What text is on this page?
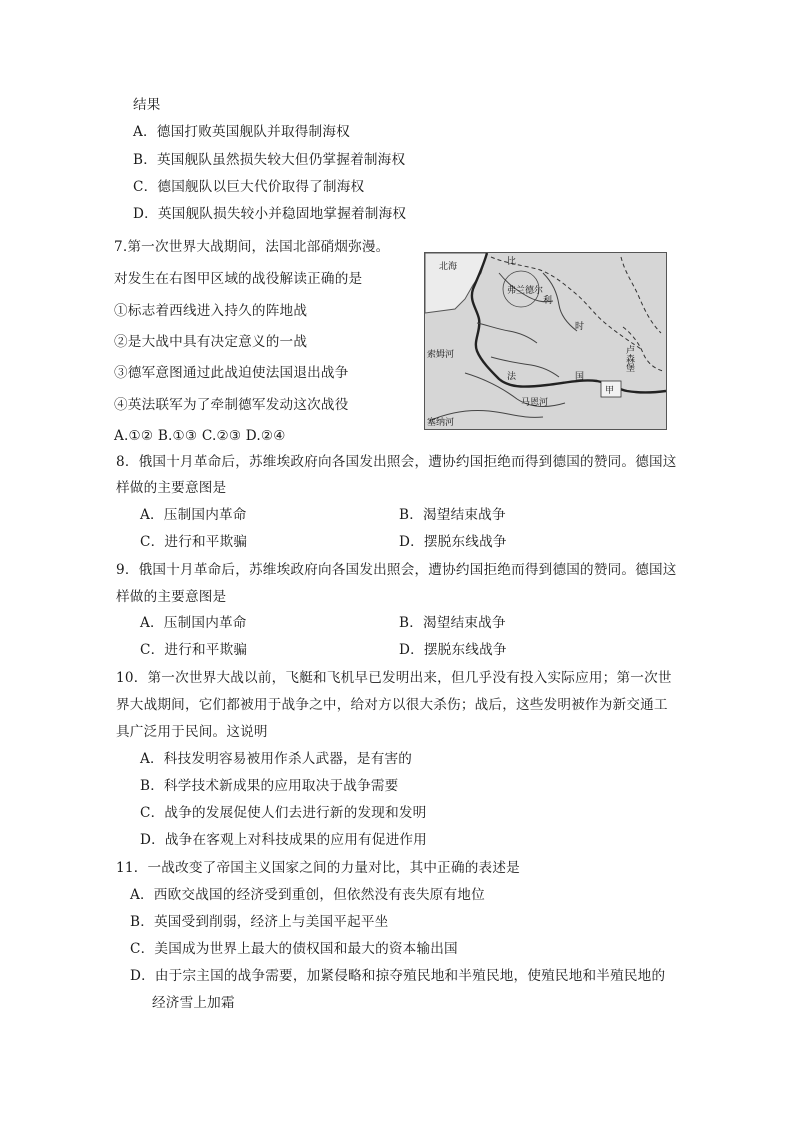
结果
A．德国打败英国舰队并取得制海权
B．英国舰队虽然损失较大但仍掌握着制海权
C．德国舰队以巨大代价取得了制海权
D．英国舰队损失较小并稳固地掌握着制海权
7.第一次世界大战期间，法国北部硝烟弥漫。
对发生在右图甲区域的战役解读正确的是
①标志着西线进入持久的阵地战
②是大战中具有决定意义的一战
③德军意图通过此战迫使法国退出战争
④英法联军为了牵制德军发动这次战役
A.①② B.①③ C.②③ D.②④
北海
弗兰德尔
比
利
时
索姆河
法	国
马恩河
塞纳河
卢森堡
甲
8．俄国十月革命后，苏维埃政府向各国发出照会，遭协约国拒绝而得到德国的赞同。德国这
样做的主要意图是
A．压制国内革命	B．渴望结束战争
C．进行和平欺骗	D．摆脱东线战争
9．俄国十月革命后，苏维埃政府向各国发出照会，遭协约国拒绝而得到德国的赞同。德国这
样做的主要意图是
A．压制国内革命	B．渴望结束战争
C．进行和平欺骗	D．摆脱东线战争
10．第一次世界大战以前，飞艇和飞机早已发明出来，但几乎没有投入实际应用；第一次世
界大战期间，它们都被用于战争之中，给对方以很大杀伤；战后，这些发明被作为新交通工
具广泛用于民间。这说明
A．科技发明容易被用作杀人武器，是有害的
B．科学技术新成果的应用取决于战争需要
C．战争的发展促使人们去进行新的发现和发明
D．战争在客观上对科技成果的应用有促进作用
11．一战改变了帝国主义国家之间的力量对比，其中正确的表述是
A．西欧交战国的经济受到重创，但依然没有丧失原有地位
B．英国受到削弱，经济上与美国平起平坐
C．美国成为世界上最大的债权国和最大的资本输出国
D．由于宗主国的战争需要，加紧侵略和掠夺殖民地和半殖民地，使殖民地和半殖民地的
经济雪上加霜
